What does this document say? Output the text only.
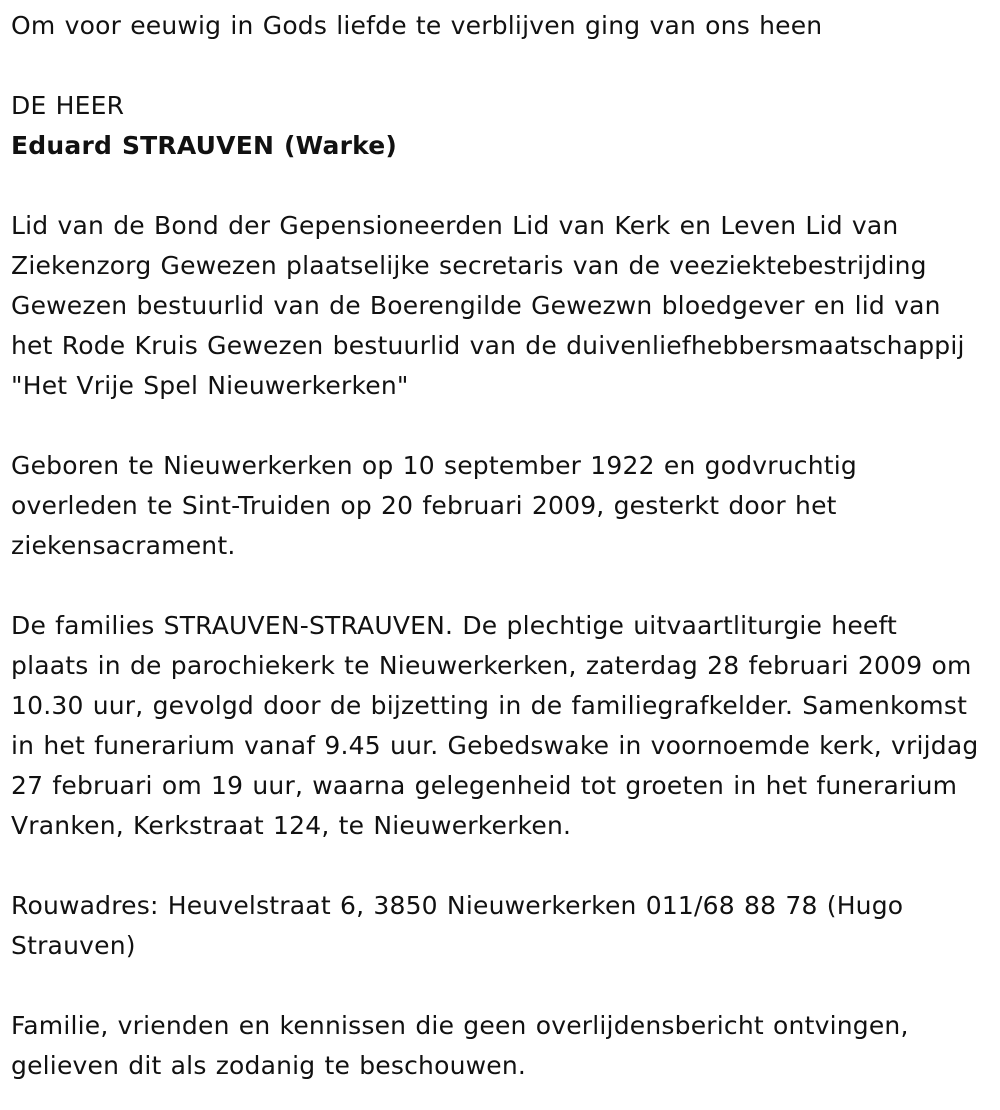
Om voor eeuwig in Gods liefde te verblijven ging van ons heen

DE HEER

Eduard STRAUVEN (Warke)

Lid van de Bond der Gepensioneerden Lid van Kerk en Leven Lid van Ziekenzorg Gewezen plaatselijke secretaris van de veeziektebestrijding Gewezen bestuurlid van de Boerengilde Gewezwn bloedgever en lid van het Rode Kruis Gewezen bestuurlid van de duivenliefhebbersmaatschappij "Het Vrije Spel Nieuwerkerken"

Geboren te Nieuwerkerken op 10 september 1922 en godvruchtig overleden te Sint-Truiden op 20 februari 2009, gesterkt door het ziekensacrament.

De families STRAUVEN-STRAUVEN. De plechtige uitvaartliturgie heeft plaats in de parochiekerk te Nieuwerkerken, zaterdag 28 februari 2009 om 10.30 uur, gevolgd door de bijzetting in de familiegrafkelder. Samenkomst in het funerarium vanaf 9.45 uur. Gebedswake in voornoemde kerk, vrijdag 27 februari om 19 uur, waarna gelegenheid tot groeten in het funerarium Vranken, Kerkstraat 124, te Nieuwerkerken.

Rouwadres: Heuvelstraat 6, 3850 Nieuwerkerken 011/68 88 78 (Hugo Strauven)

Familie, vrienden en kennissen die geen overlijdensbericht ontvingen, gelieven dit als zodanig te beschouwen.
